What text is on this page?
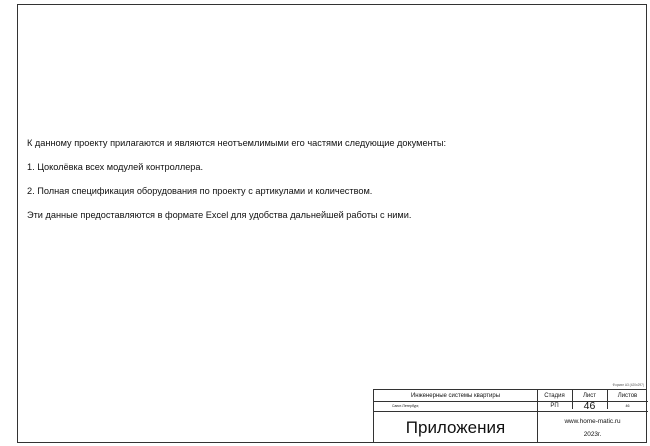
К данному проекту прилагаются и являются неотъемлимыми его частями следующие документы:

1. Цоколёвка всех модулей контроллера.

2. Полная спецификация оборудования по проекту с артикулами и количеством.

Эти данные предоставляются в формате Excel для удобства дальнейшей работы с ними.

Формат А3 (420х297)
Инженерные системы квартиры
Санкт-Петербург,
Приложения
Стадия	Лист	Листов
РП	46	46
www.home-matic.ru
2023г.
